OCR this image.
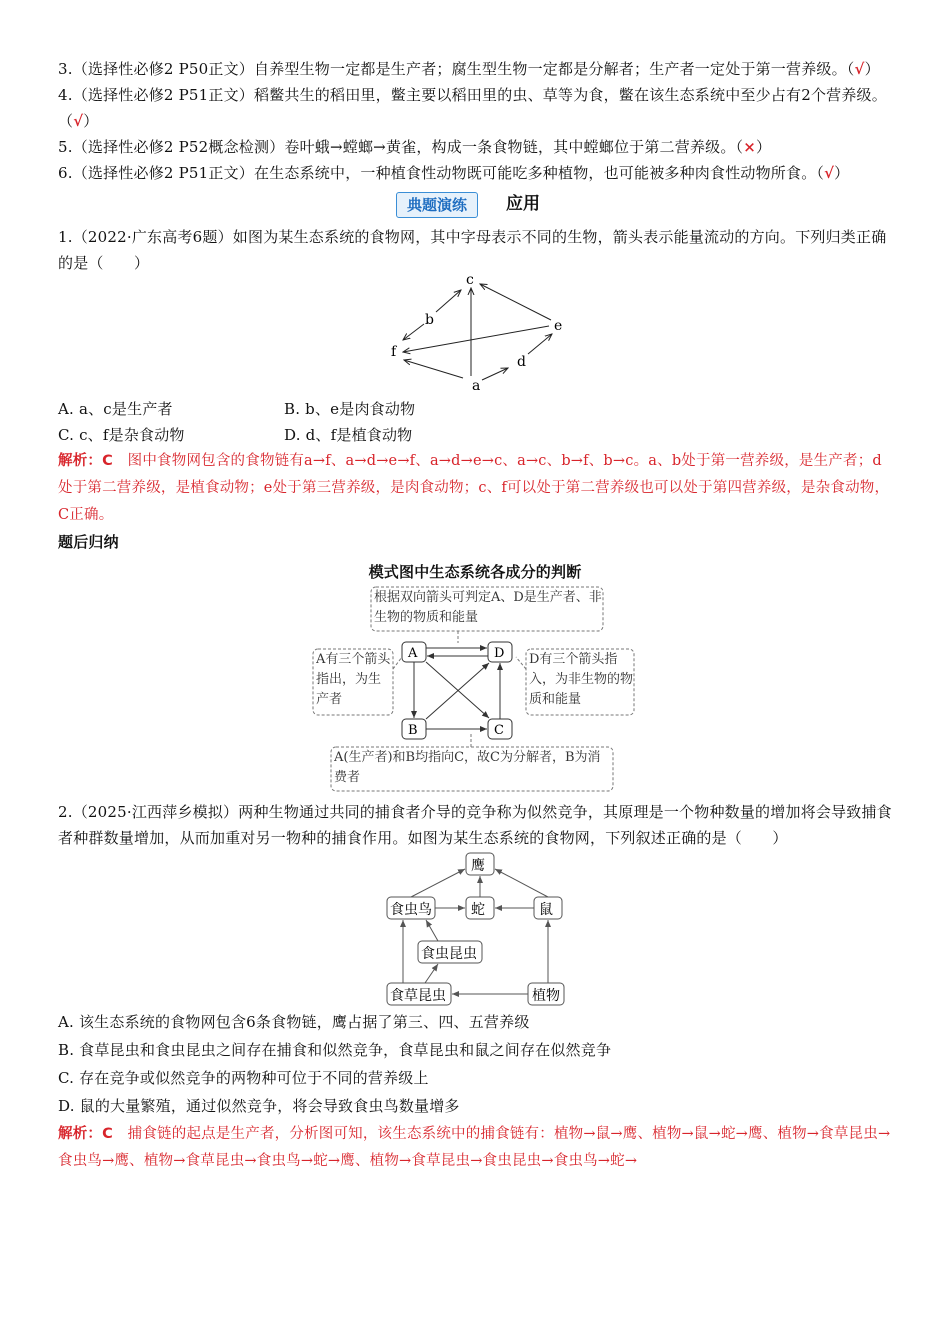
3.（选择性必修2 P50正文）自养型生物一定都是生产者；腐生型生物一定都是分解者；生产者一定处于第一营养级。（√）

4.（选择性必修2 P51正文）稻鳖共生的稻田里，鳖主要以稻田里的虫、草等为食，鳖在该生态系统中至少占有2个营养级。（√）

5.（选择性必修2 P52概念检测）卷叶蛾→螳螂→黄雀，构成一条食物链，其中螳螂位于第二营养级。（×）

6.（选择性必修2 P51正文）在生态系统中，一种植食性动物既可能吃多种植物，也可能被多种肉食性动物所食。（√）

典题演练	应用

1.（2022·广东高考6题）如图为某生态系统的食物网，其中字母表示不同的生物，箭头表示能量流动的方向。下列归类正确的是（　　）

c
b	e
f
d
a

A. a、c是生产者	B. b、e是肉食动物

C. c、f是杂食动物	D. d、f是植食动物

解析：C　 图中食物网包含的食物链有a→f、a→d→e→f、a→d→e→c、a→c、b→f、b→c。a、b处于第一营养级，是生产者；d处于第二营养级，是植食动物；e处于第三营养级，是肉食动物；c、f可以处于第二营养级也可以处于第四营养级，是杂食动物，C正确。

题后归纳

模式图中生态系统各成分的判断

根据双向箭头可判定A、D是生产者、非生物的物质和能量
A有三个箭头指出，为生产者
D有三个箭头指入，为非生物的物质和能量
A(生产者)和B均指向C，故C为分解者，B为消费者
A	D
B	C

2.（2025·江西萍乡模拟）两种生物通过共同的捕食者介导的竞争称为似然竞争，其原理是一个物种数量的增加将会导致捕食者种群数量增加，从而加重对另一物种的捕食作用。如图为某生态系统的食物网，下列叙述正确的是（　　）

鹰
食虫鸟	蛇	鼠
食虫昆虫
食草昆虫	植物

A. 该生态系统的食物网包含6条食物链，鹰占据了第三、四、五营养级

B. 食草昆虫和食虫昆虫之间存在捕食和似然竞争，食草昆虫和鼠之间存在似然竞争

C. 存在竞争或似然竞争的两物种可位于不同的营养级上

D. 鼠的大量繁殖，通过似然竞争，将会导致食虫鸟数量增多

解析：C　 捕食链的起点是生产者，分析图可知，该生态系统中的捕食链有：植物→鼠→鹰、植物→鼠→蛇→鹰、植物→食草昆虫→食虫鸟→鹰、植物→食草昆虫→食虫鸟→蛇→鹰、植物→食草昆虫→食虫昆虫→食虫鸟→蛇→
